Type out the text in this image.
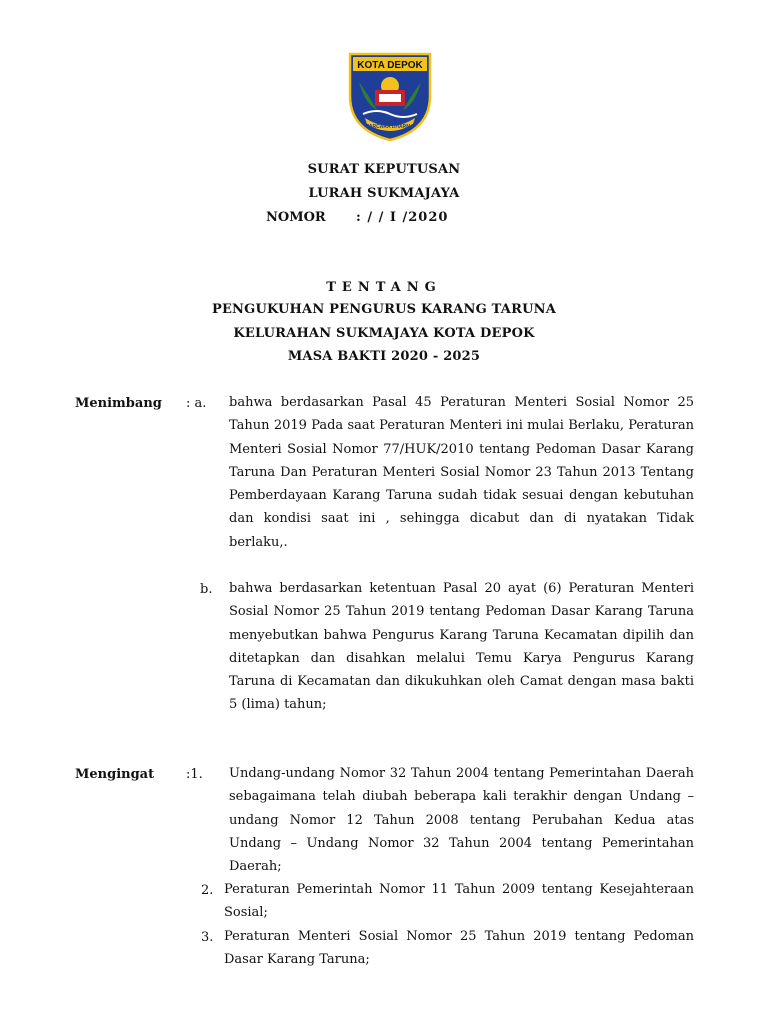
KOTA DEPOK
PARCARA DHARMA
SURAT KEPUTUSAN
LURAH SUKMAJAYA
NOMOR : / / I /2020
TENTANG
PENGUKUHAN PENGURUS KARANG TARUNA
KELURAHAN SUKMAJAYA KOTA DEPOK
MASA BAKTI 2020 - 2025
Menimbang : a. bahwa berdasarkan Pasal 45 Peraturan Menteri Sosial Nomor 25 Tahun 2019 Pada saat Peraturan Menteri ini mulai Berlaku, Peraturan Menteri Sosial Nomor 77/HUK/2010 tentang Pedoman Dasar Karang Taruna Dan Peraturan Menteri Sosial Nomor 23 Tahun 2013 Tentang Pemberdayaan Karang Taruna sudah tidak sesuai dengan kebutuhan dan kondisi saat ini , sehingga dicabut dan di nyatakan Tidak berlaku,.
b. bahwa berdasarkan ketentuan Pasal 20 ayat (6) Peraturan Menteri Sosial Nomor 25 Tahun 2019 tentang Pedoman Dasar Karang Taruna menyebutkan bahwa Pengurus Karang Taruna Kecamatan dipilih dan ditetapkan dan disahkan melalui Temu Karya Pengurus Karang Taruna di Kecamatan dan dikukuhkan oleh Camat dengan masa bakti 5 (lima) tahun;
Mengingat :1. Undang-undang Nomor 32 Tahun 2004 tentang Pemerintahan Daerah sebagaimana telah diubah beberapa kali terakhir dengan Undang – undang Nomor 12 Tahun 2008 tentang Perubahan Kedua atas Undang – Undang Nomor 32 Tahun 2004 tentang Pemerintahan Daerah;
2. Peraturan Pemerintah Nomor 11 Tahun 2009 tentang Kesejahteraan Sosial;
3. Peraturan Menteri Sosial Nomor 25 Tahun 2019 tentang Pedoman Dasar Karang Taruna;
